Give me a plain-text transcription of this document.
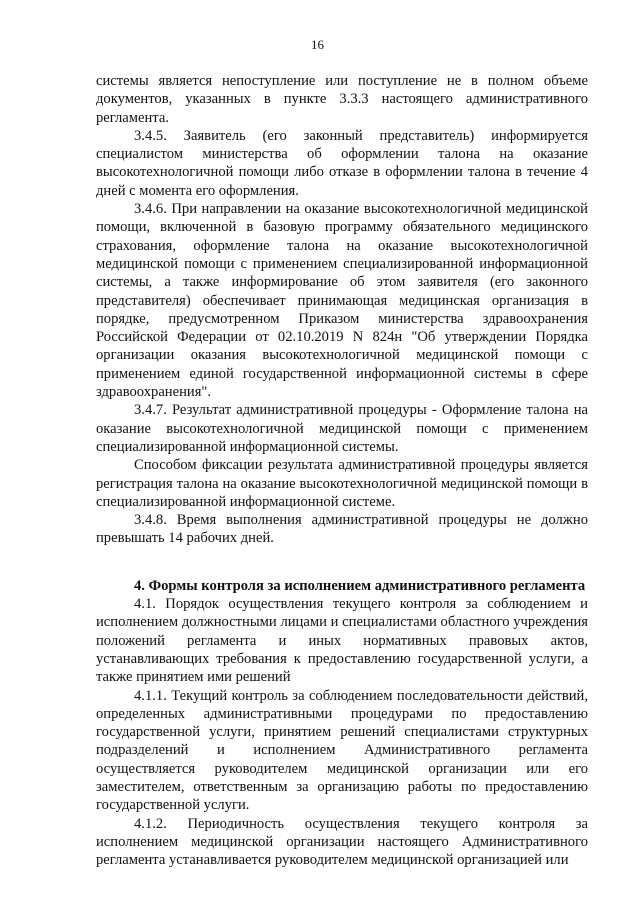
16

системы является непоступление или поступление не в полном объеме документов, указанных в пункте 3.3.3 настоящего административного регламента.

3.4.5. Заявитель (его законный представитель) информируется специалистом министерства об оформлении талона на оказание высокотехнологичной помощи либо отказе в оформлении талона в течение 4 дней с момента его оформления.

3.4.6. При направлении на оказание высокотехнологичной медицинской помощи, включенной в базовую программу обязательного медицинского страхования, оформление талона на оказание высокотехнологичной медицинской помощи с применением специализированной информационной системы, а также информирование об этом заявителя (его законного представителя) обеспечивает принимающая медицинская организация в порядке, предусмотренном Приказом министерства здравоохранения Российской Федерации от 02.10.2019 N 824н "Об утверждении Порядка организации оказания высокотехнологичной медицинской помощи с применением единой государственной информационной системы в сфере здравоохранения".

3.4.7. Результат административной процедуры - Оформление талона на оказание высокотехнологичной медицинской помощи с применением специализированной информационной системы.

Способом фиксации результата административной процедуры является регистрация талона на оказание высокотехнологичной медицинской помощи в специализированной информационной системе.

3.4.8. Время выполнения административной процедуры не должно превышать 14 рабочих дней.

4. Формы контроля за исполнением административного регламента

4.1. Порядок осуществления текущего контроля за соблюдением и исполнением должностными лицами и специалистами областного учреждения положений регламента и иных нормативных правовых актов, устанавливающих требования к предоставлению государственной услуги, а также принятием ими решений

4.1.1. Текущий контроль за соблюдением последовательности действий, определенных административными процедурами по предоставлению государственной услуги, принятием решений специалистами структурных подразделений и исполнением Административного регламента осуществляется руководителем медицинской организации или его заместителем, ответственным за организацию работы по предоставлению государственной услуги.

4.1.2. Периодичность осуществления текущего контроля за исполнением медицинской организации настоящего Административного регламента устанавливается руководителем медицинской организацией или
